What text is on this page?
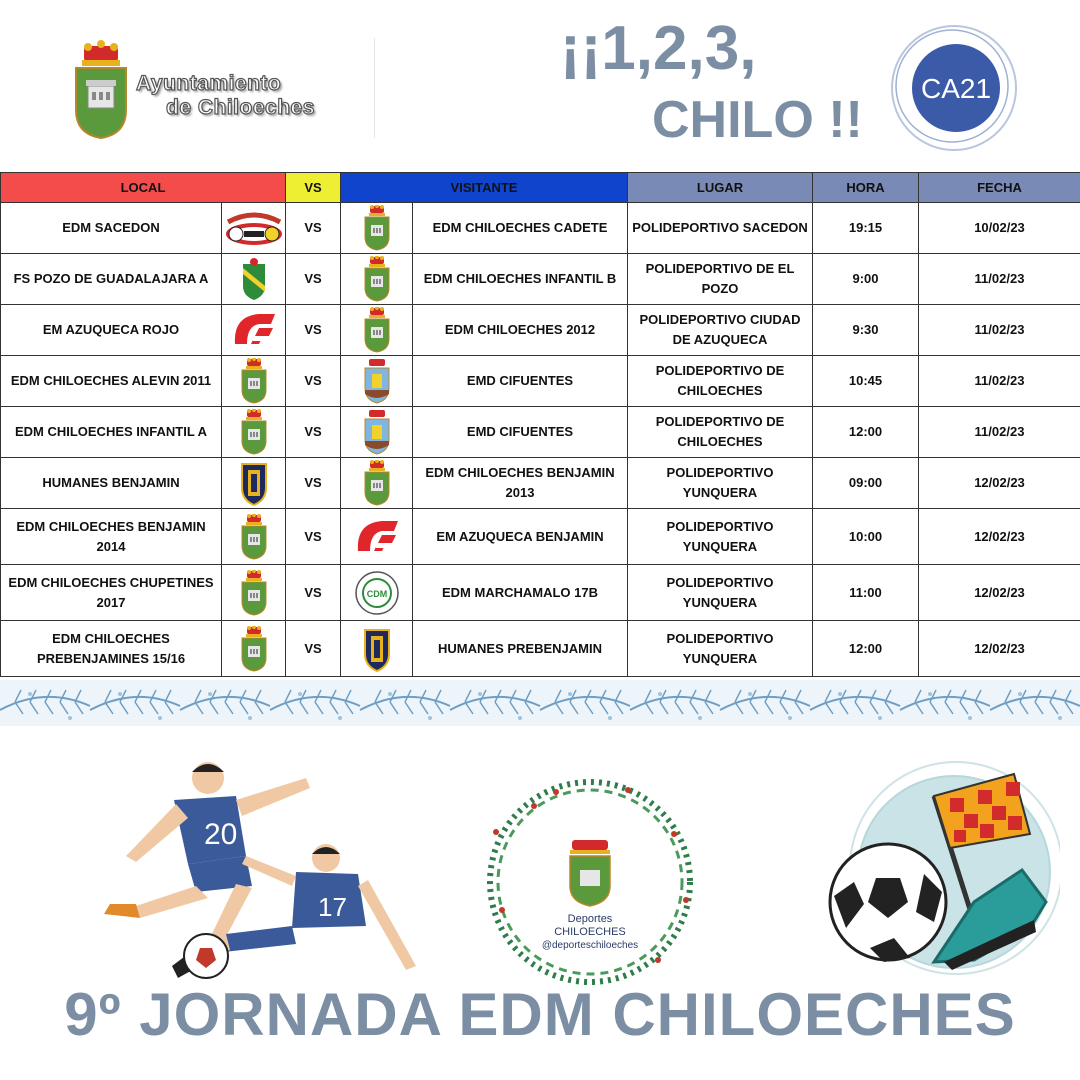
Ayuntamiento
de Chiloeches
¡¡1,2,3,
CHILO !!
CA21
LOCAL		VS	VISITANTE		LUGAR	HORA	FECHA
EDM SACEDON		VS		EDM CHILOECHES CADETE	POLIDEPORTIVO SACEDON	19:15	10/02/23
FS POZO DE GUADALAJARA A		VS		EDM CHILOECHES INFANTIL B	POLIDEPORTIVO DE EL POZO	9:00	11/02/23
EM AZUQUECA ROJO		VS		EDM CHILOECHES 2012	POLIDEPORTIVO CIUDAD DE AZUQUECA	9:30	11/02/23
EDM CHILOECHES ALEVIN 2011		VS		EMD CIFUENTES	POLIDEPORTIVO DE CHILOECHES	10:45	11/02/23
EDM CHILOECHES INFANTIL A		VS		EMD CIFUENTES	POLIDEPORTIVO DE CHILOECHES	12:00	11/02/23
HUMANES BENJAMIN		VS		EDM CHILOECHES BENJAMIN 2013	POLIDEPORTIVO YUNQUERA	09:00	12/02/23
EDM CHILOECHES BENJAMIN 2014		VS		EM AZUQUECA BENJAMIN	POLIDEPORTIVO YUNQUERA	10:00	12/02/23
EDM CHILOECHES CHUPETINES 2017		VS	CDM	EDM MARCHAMALO 17B	POLIDEPORTIVO YUNQUERA	11:00	12/02/23
EDM CHILOECHES PREBENJAMINES 15/16		VS		HUMANES PREBENJAMIN	POLIDEPORTIVO YUNQUERA	12:00	12/02/23
20
17	Deportes
CHILOECHES
@deporteschiloeches
9º JORNADA EDM CHILOECHES
